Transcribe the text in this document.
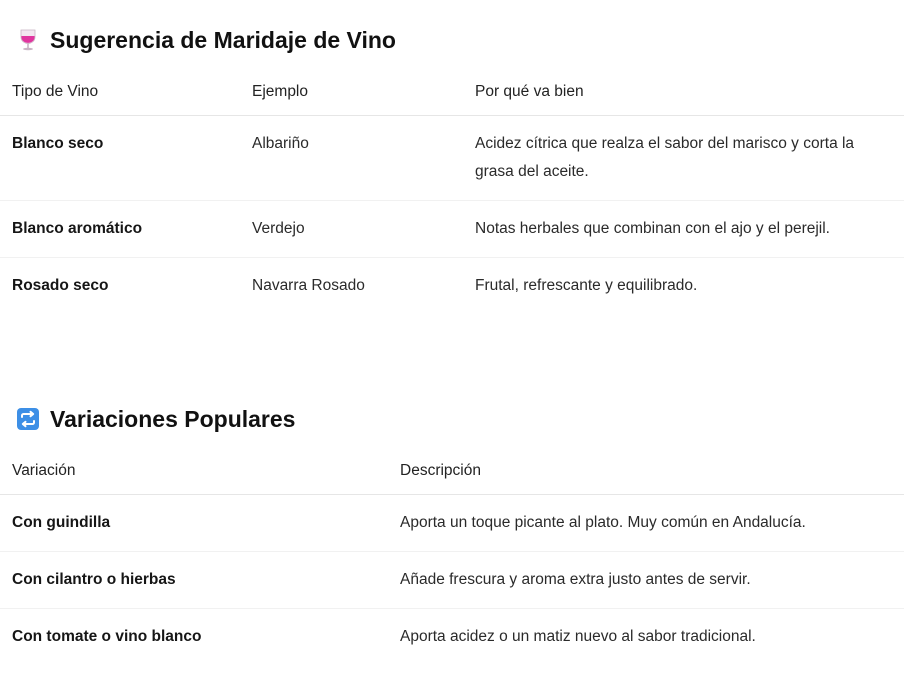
Sugerencia de Maridaje de Vino
Tipo de Vino	Ejemplo	Por qué va bien
Blanco seco	Albariño	Acidez cítrica que realza el sabor del marisco y corta la grasa del aceite.
Blanco aromático	Verdejo	Notas herbales que combinan con el ajo y el perejil.
Rosado seco	Navarra Rosado	Frutal, refrescante y equilibrado.
Variaciones Populares
Variación	Descripción
Con guindilla	Aporta un toque picante al plato. Muy común en Andalucía.
Con cilantro o hierbas	Añade frescura y aroma extra justo antes de servir.
Con tomate o vino blanco	Aporta acidez o un matiz nuevo al sabor tradicional.
